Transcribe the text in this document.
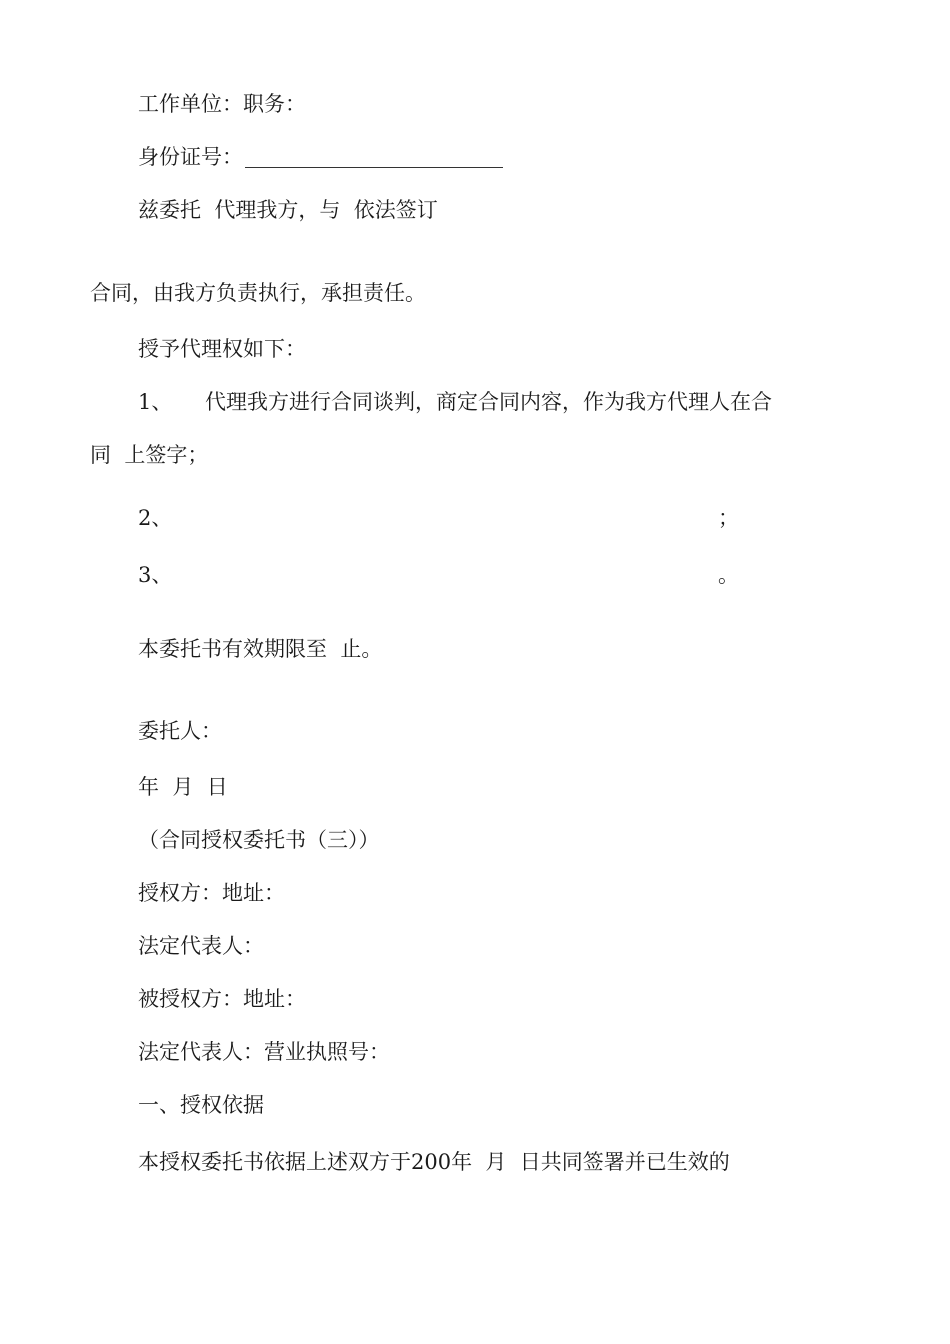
工作单位：职务：
身份证号：
兹委托  代理我方，与  依法签订
合同，由我方负责执行，承担责任。
授予代理权如下：
1、 代理我方进行合同谈判，商定合同内容，作为我方代理人在合
同  上签字；
2、	；
3、	。
本委托书有效期限至  止。
委托人：
年  月  日
（合同授权委托书（三））
授权方：地址：
法定代表人：
被授权方：地址：
法定代表人：营业执照号：
一、授权依据
本授权委托书依据上述双方于200年  月  日共同签署并已生效的
